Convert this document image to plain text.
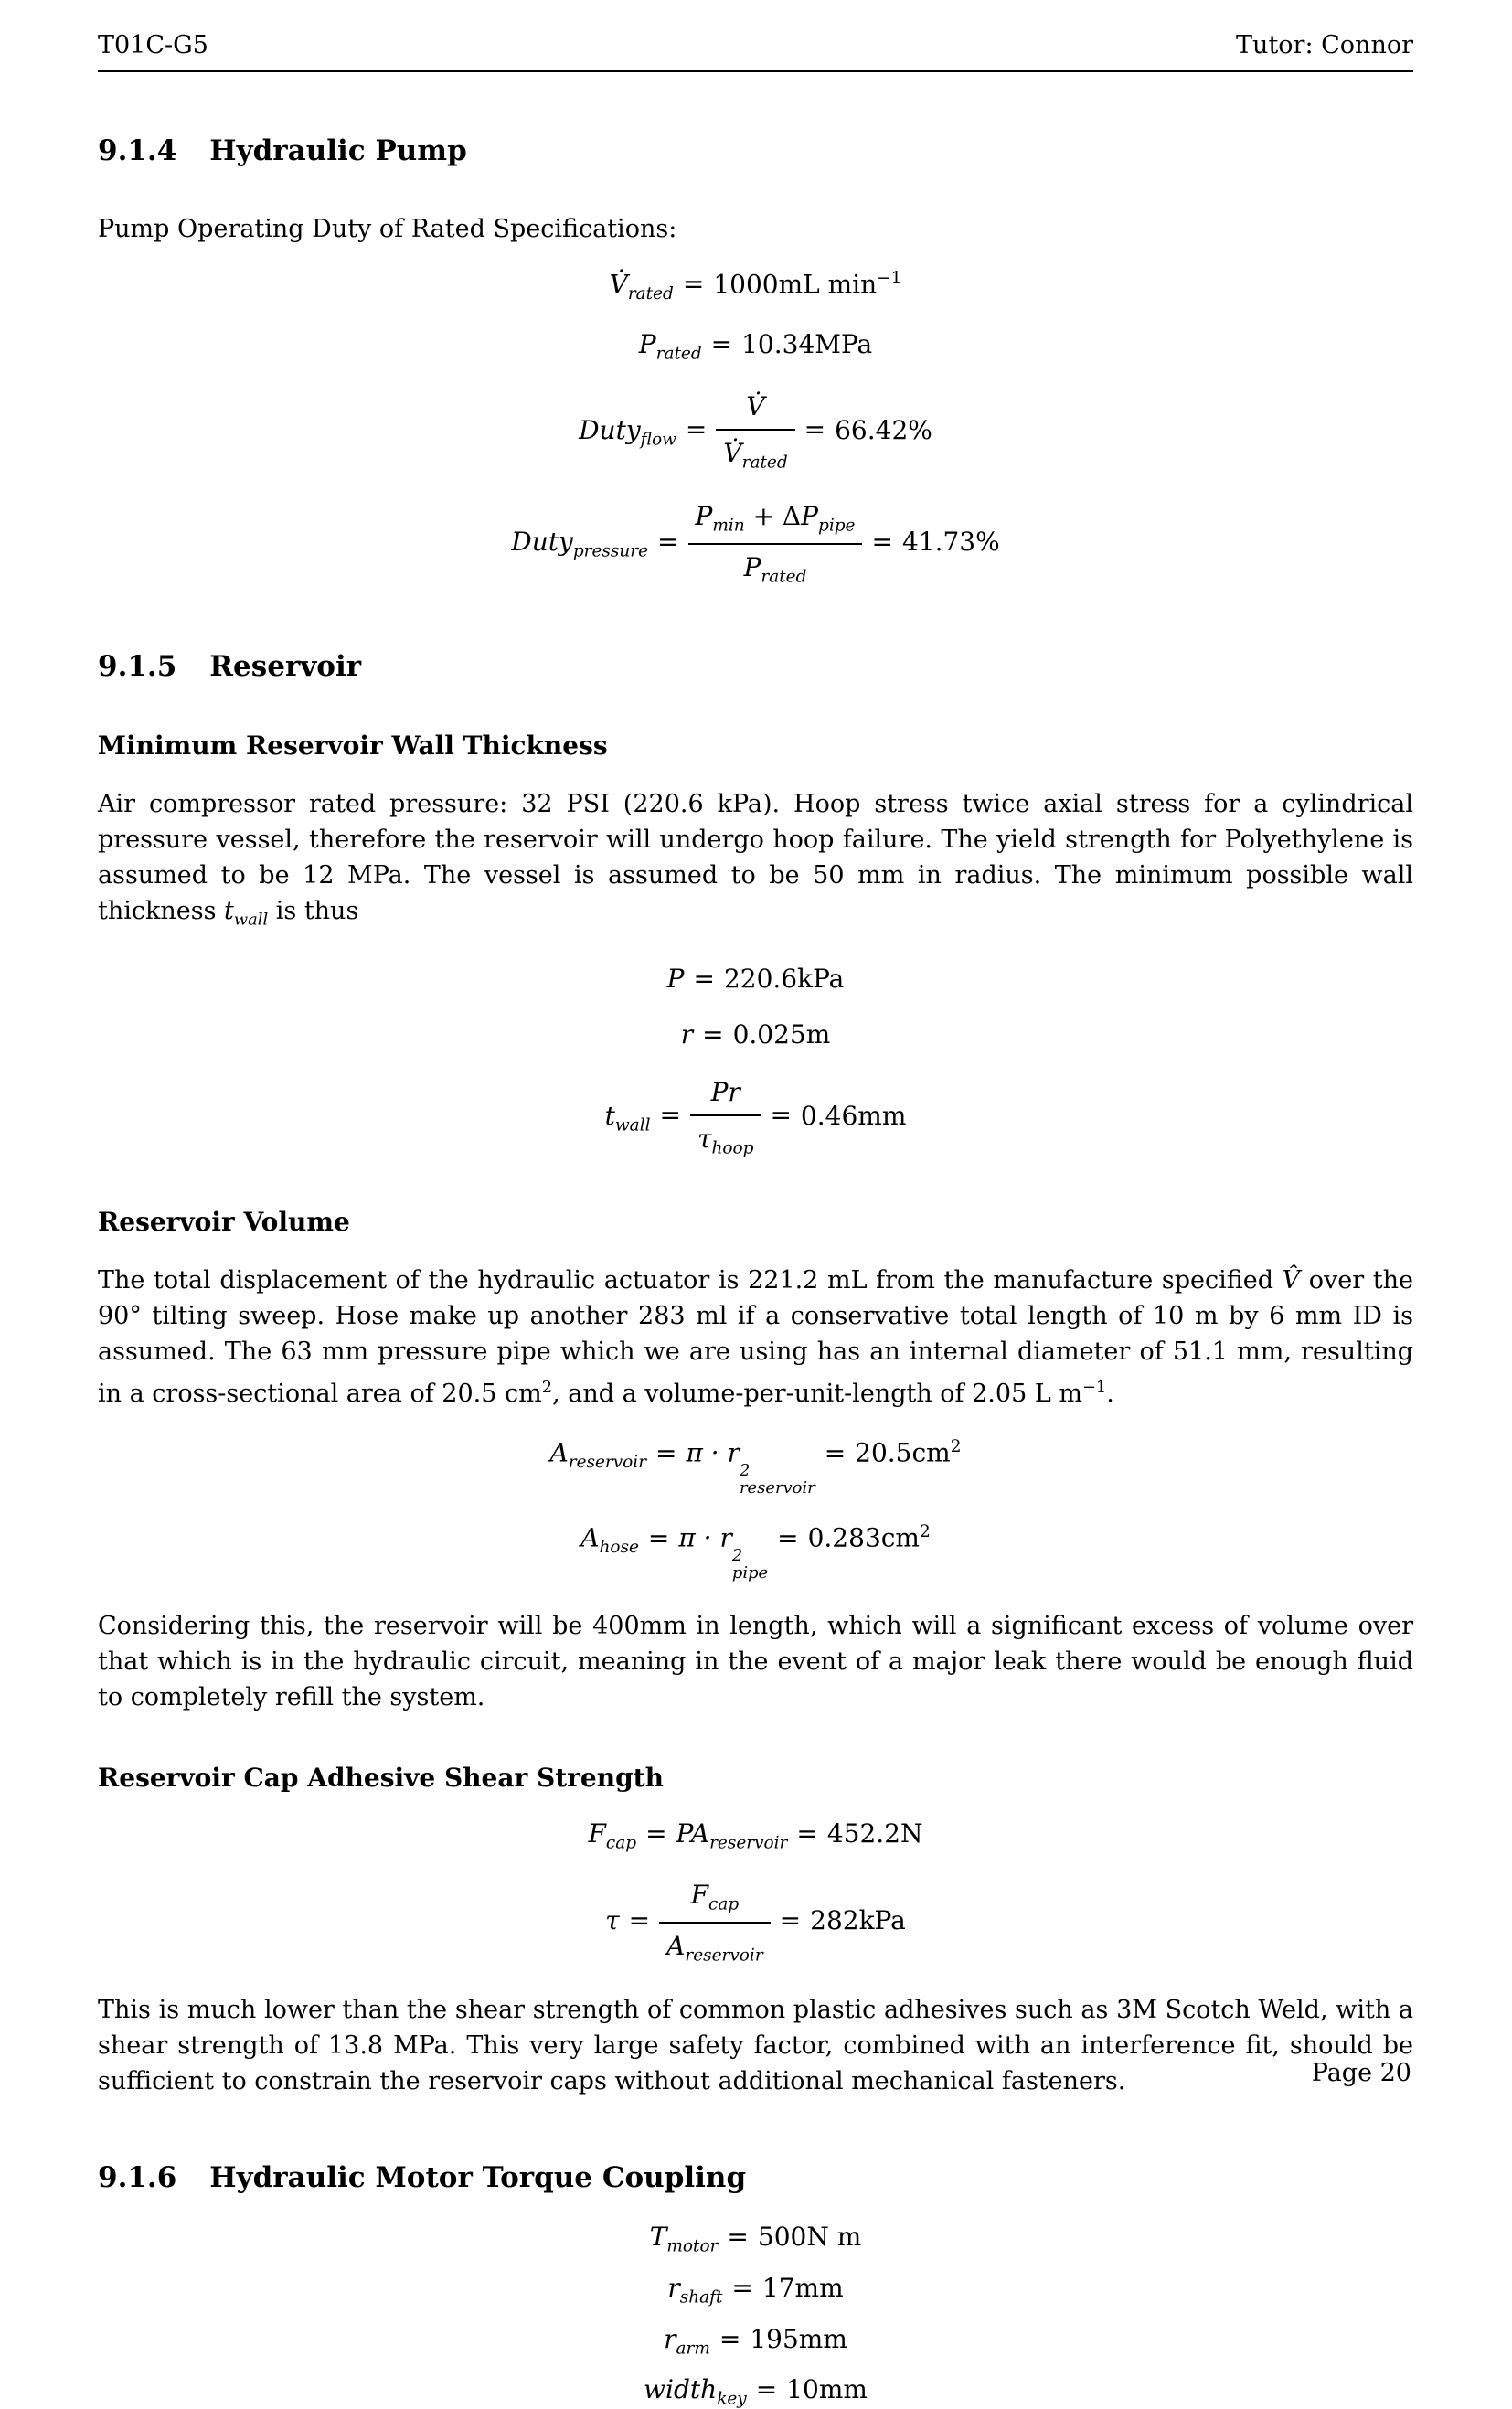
T01C-G5	Tutor: Connor
9.1.4 Hydraulic Pump

Pump Operating Duty of Rated Specifications:

$V̇_{rated} = 1000mL$ $\min^{-1}$
$P_{rated} = 10.34MPa$
Duty$_{flow}$ = $\frac{V̇}{V̇_{rated}} = 66.42\%$
Duty$_{pressure}$ = $\frac{P_{min} + \Delta P_{pipe}}{P_{rated}} = 41.73\%$
9.1.5 Reservoir
Minimum Reservoir Wall Thickness

Air compressor rated pressure: 32 PSI (220.6 kPa). Hoop stress twice axial stress for a cylindrical pressure vessel, therefore the reservoir will undergo hoop failure. The yield strength for Polyethylene is assumed to be 12 MPa. The vessel is assumed to be 50 mm in radius. The minimum possible wall thickness $t_{wall}$ is thus

P = 220.6kPa
r = 0.025m
$t_{wall} = \frac{Pr}{\tau_{hoop}} = 0.46mm$
Reservoir Volume

The total displacement of the hydraulic actuator is 221.2 mL from the manufacture specified V̂ over the 90° tilting sweep. Hose make up another 283 ml if a conservative total length of 10 m by 6 mm ID is assumed. The 63 mm pressure pipe which we are using has an internal diameter of 51.1 mm, resulting in a cross-sectional area of 20.5 $cm^2$, and a volume-per-unit-length of 2.05 L $m^{-1}$.

$A_{reservoir} = \pi \cdot r$
2
reservoir
= $20.5cm^2$
$A_{hose} = \pi \cdot r$
2
pipe
= $0.283cm^2$

Considering this, the reservoir will be 400mm in length, which will a significant excess of volume over that which is in the hydraulic circuit, meaning in the event of a major leak there would be enough fluid to completely refill the system.

Reservoir Cap Adhesive Shear Strength
$F_{cap} = PA_{reservoir} = 452.2N$
$\tau = \frac{F_{cap}}{A_{reservoir}} = 282kPa$

This is much lower than the shear strength of common plastic adhesives such as 3M Scotch Weld, with a shear strength of 13.8 MPa. This very large safety factor, combined with an interference fit, should be sufficient to constrain the reservoir caps without additional mechanical fasteners.

9.1.6 Hydraulic Motor Torque Coupling
$T_{motor} = 500N$ m
$r_{shaft} = 17mm$
$r_{arm} = 195mm$
width$_{key}$ = 10mm
Page 20
